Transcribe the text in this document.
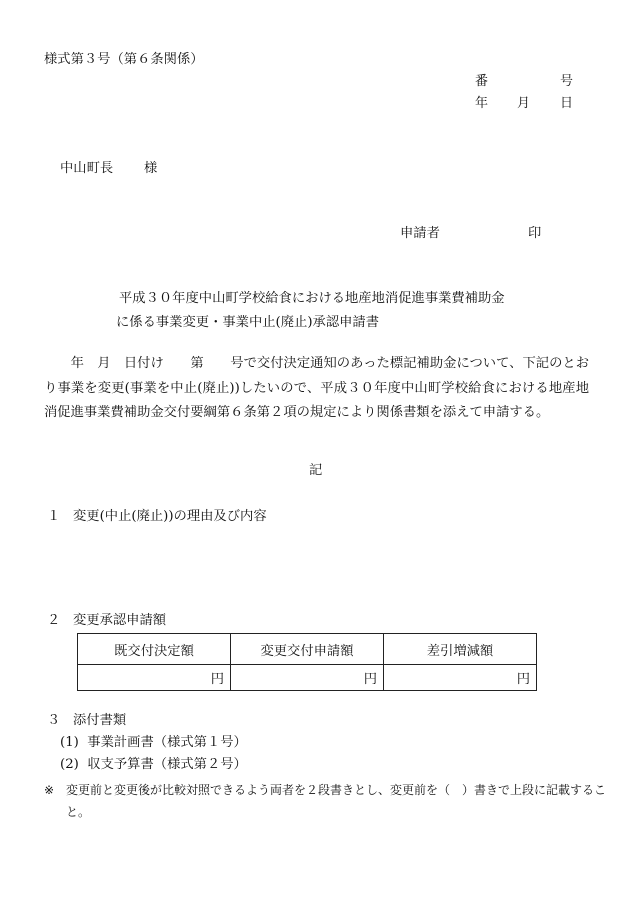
様式第３号（第６条関係）
番	号
年 月 日
中山町長 様
申請者	印
平成３０年度中山町学校給食における地産地消促進事業費補助金
に係る事業変更・事業中止(廃止)承認申請書
年　月　日付け　　第　　号で交付決定通知のあった標記補助金について、下記のとおり事業を変更(事業を中止(廃止))したいので、平成３０年度中山町学校給食における地産地消促進事業費補助金交付要綱第６条第２項の規定により関係書類を添えて申請する。
記
１ 変更(中止(廃止))の理由及び内容
２ 変更承認申請額
既交付決定額	変更交付申請額	差引増減額
円	円	円
３ 添付書類
(1)  事業計画書（様式第１号）
(2)  収支予算書（様式第２号）
※ 変更前と変更後が比較対照できるよう両者を２段書きとし、変更前を（　）書きで上段に記載すること。
